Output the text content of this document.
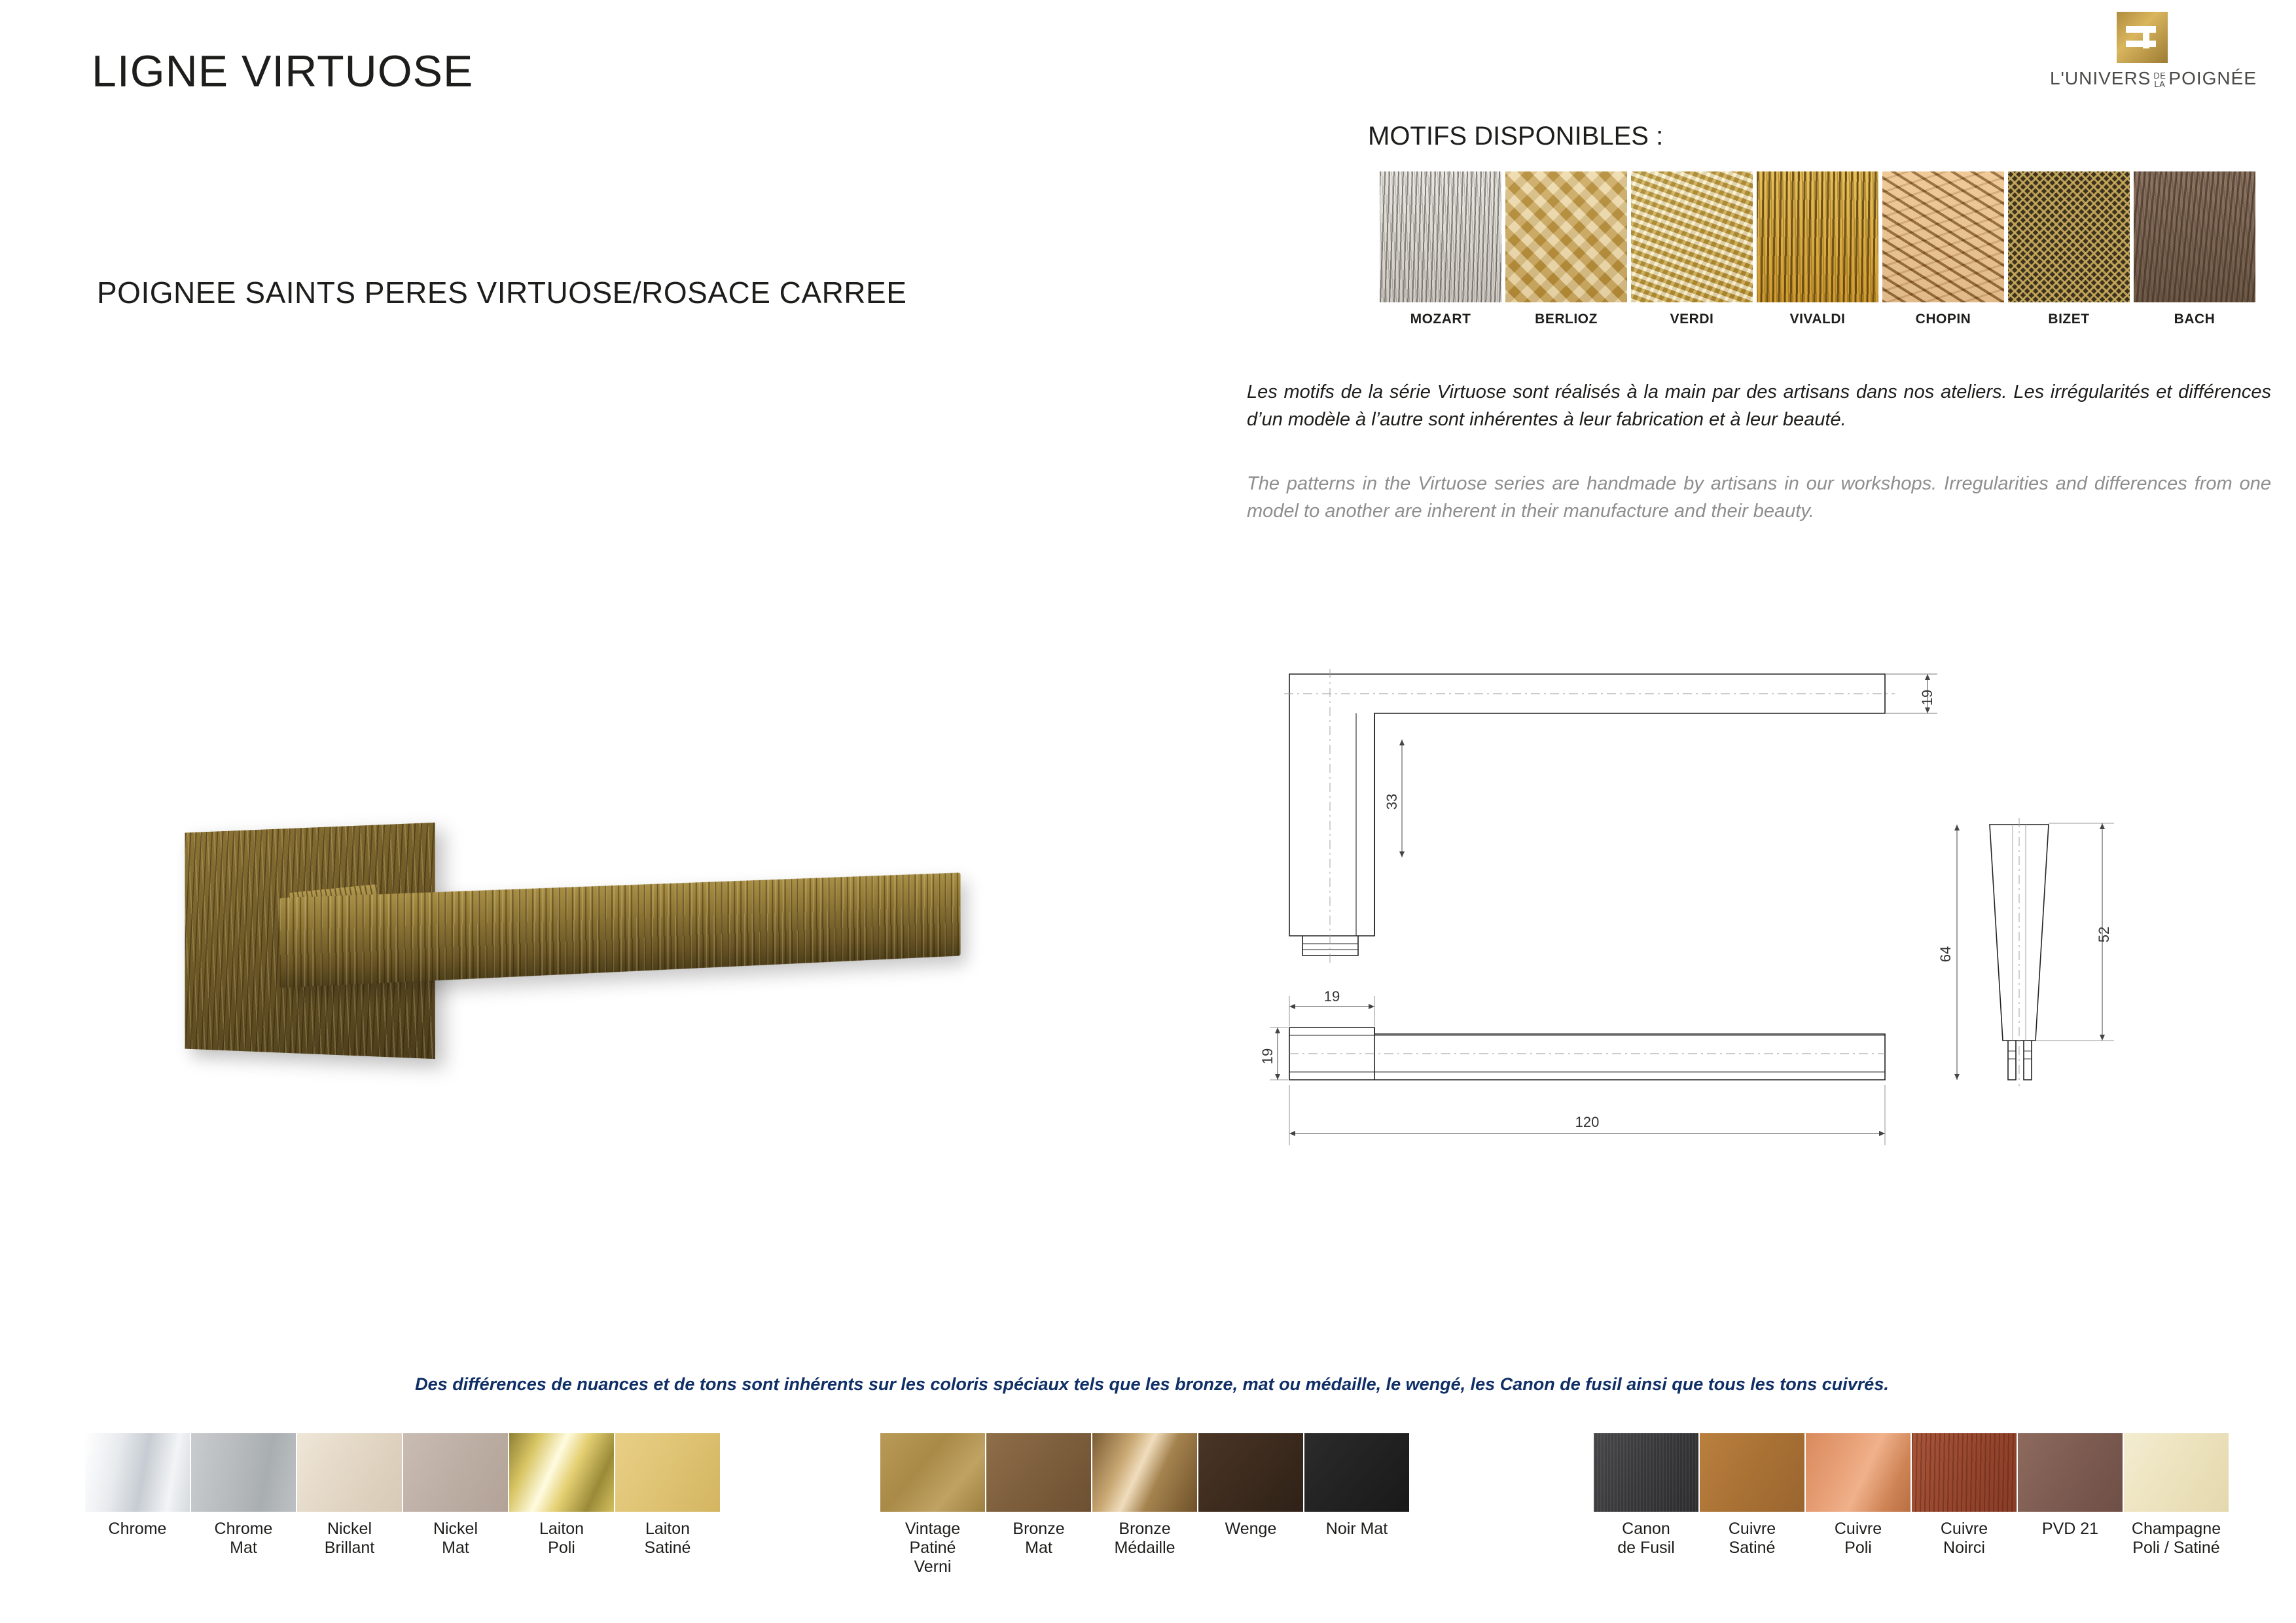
LIGNE VIRTUOSE
POIGNEE SAINTS PERES VIRTUOSE/ROSACE CARREE
L'UNIVERS DE
LA POIGNÉE
MOTIFS DISPONIBLES :
MOZART	BERLIOZ	VERDI	VIVALDI	CHOPIN	BIZET	BACH
Les motifs de la série Virtuose sont réalisés à la main par des artisans dans nos ateliers. Les irrégularités et différences d’un modèle à l’autre sont inhérentes à leur fabrication et à leur beauté.
The patterns in the Virtuose series are handmade by artisans in our workshops. Irregularities and differences from one model to another are inherent in their manufacture and their beauty.
19
33
19
19
120
64
52
Des différences de nuances et de tons sont inhérents sur les coloris spéciaux tels que les bronze, mat ou médaille, le wengé, les Canon de fusil ainsi que tous les tons cuivrés.
Chrome	Chrome
Mat
Nickel
Brillant
Nickel
Mat
Laiton
Poli
Laiton
Satiné
Vintage Patiné
Verni
Bronze
Mat
Bronze
Médaille
Wenge	Noir Mat	Canon
de Fusil
Cuivre
Satiné
Cuivre
Poli
Cuivre
Noirci
PVD 21	Champagne
Poli / Satiné
